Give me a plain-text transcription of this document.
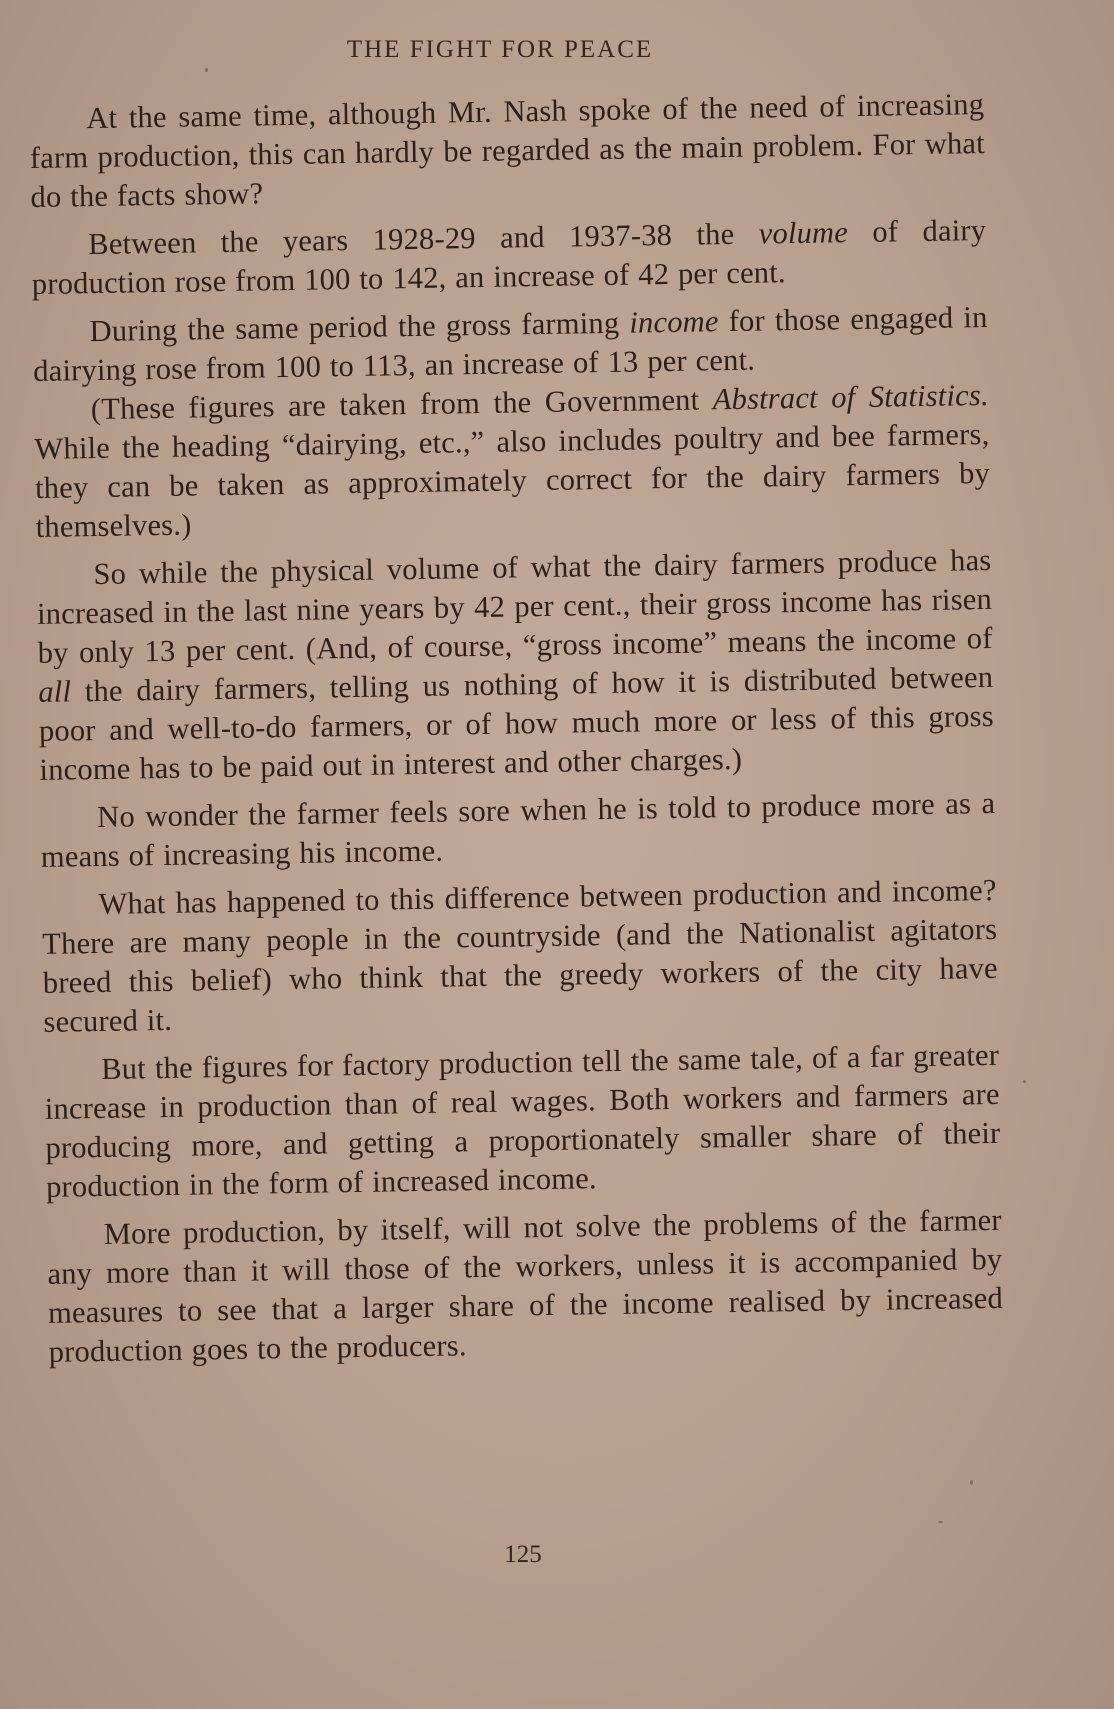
THE FIGHT FOR PEACE

At the same time, although Mr. Nash spoke of the need of increasing farm production, this can hardly be regarded as the main problem. For what do the facts show?

Between the years 1928-29 and 1937-38 the volume of dairy production rose from 100 to 142, an increase of 42 per cent.

During the same period the gross farming income for those engaged in dairying rose from 100 to 113, an increase of 13 per cent.

(These figures are taken from the Government Abstract of Statistics. While the heading “dairying, etc.,” also includes poultry and bee farmers, they can be taken as approximately correct for the dairy farmers by themselves.)

So while the physical volume of what the dairy farmers produce has increased in the last nine years by 42 per cent., their gross income has risen by only 13 per cent. (And, of course, “gross income” means the income of all the dairy farmers, telling us nothing of how it is distributed between poor and well-to-do farmers, or of how much more or less of this gross income has to be paid out in interest and other charges.)

No wonder the farmer feels sore when he is told to produce more as a means of increasing his income.

What has happened to this difference between production and income? There are many people in the countryside (and the Nationalist agitators breed this belief) who think that the greedy workers of the city have secured it.

But the figures for factory production tell the same tale, of a far greater increase in production than of real wages. Both workers and farmers are producing more, and getting a proportionately smaller share of their production in the form of increased income.

More production, by itself, will not solve the problems of the farmer any more than it will those of the workers, unless it is accompanied by measures to see that a larger share of the income realised by increased production goes to the producers.

125
